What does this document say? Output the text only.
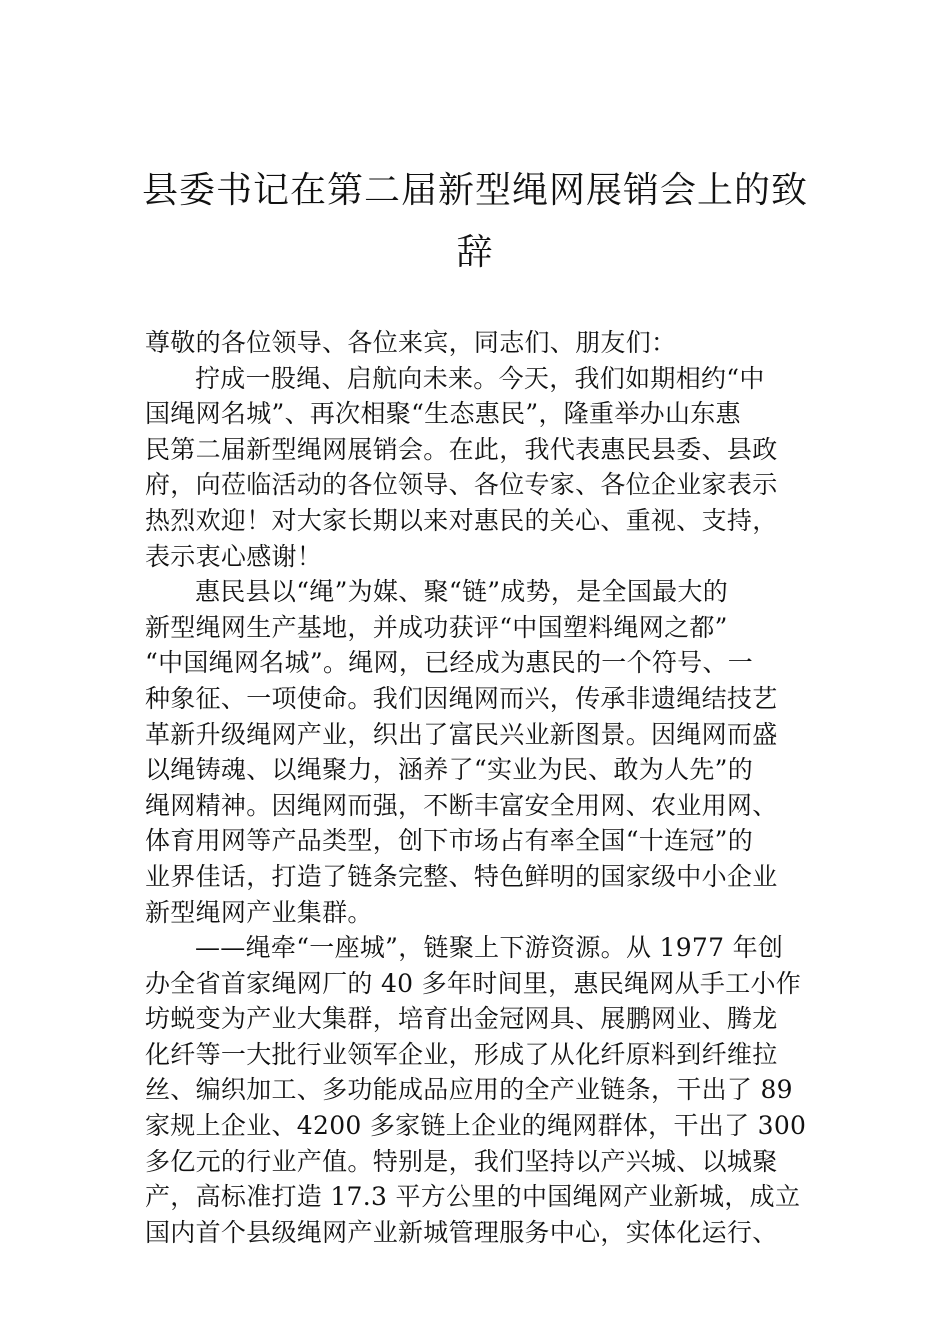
县委书记在第二届新型绳网展销会上的致
辞
尊敬的各位领导、各位来宾，同志们、朋友们：
拧成一股绳、启航向未来。今天，我们如期相约“中
国绳网名城”、再次相聚“生态惠民”，隆重举办山东惠
民第二届新型绳网展销会。在此，我代表惠民县委、县政
府，向莅临活动的各位领导、各位专家、各位企业家表示
热烈欢迎！对大家长期以来对惠民的关心、重视、支持，
表示衷心感谢！
惠民县以“绳”为媒、聚“链”成势，是全国最大的
新型绳网生产基地，并成功获评“中国塑料绳网之都”
“中国绳网名城”。绳网，已经成为惠民的一个符号、一
种象征、一项使命。我们因绳网而兴，传承非遗绳结技艺
革新升级绳网产业，织出了富民兴业新图景。因绳网而盛
以绳铸魂、以绳聚力，涵养了“实业为民、敢为人先”的
绳网精神。因绳网而强，不断丰富安全用网、农业用网、
体育用网等产品类型，创下市场占有率全国“十连冠”的
业界佳话，打造了链条完整、特色鲜明的国家级中小企业
新型绳网产业集群。
——绳牵“一座城”，链聚上下游资源。从 1977 年创
办全省首家绳网厂的 40 多年时间里，惠民绳网从手工小作
坊蜕变为产业大集群，培育出金冠网具、展鹏网业、腾龙
化纤等一大批行业领军企业，形成了从化纤原料到纤维拉
丝、编织加工、多功能成品应用的全产业链条，干出了 89
家规上企业、4200 多家链上企业的绳网群体，干出了 300
多亿元的行业产值。特别是，我们坚持以产兴城、以城聚
产，高标准打造 17.3 平方公里的中国绳网产业新城，成立
国内首个县级绳网产业新城管理服务中心，实体化运行、
